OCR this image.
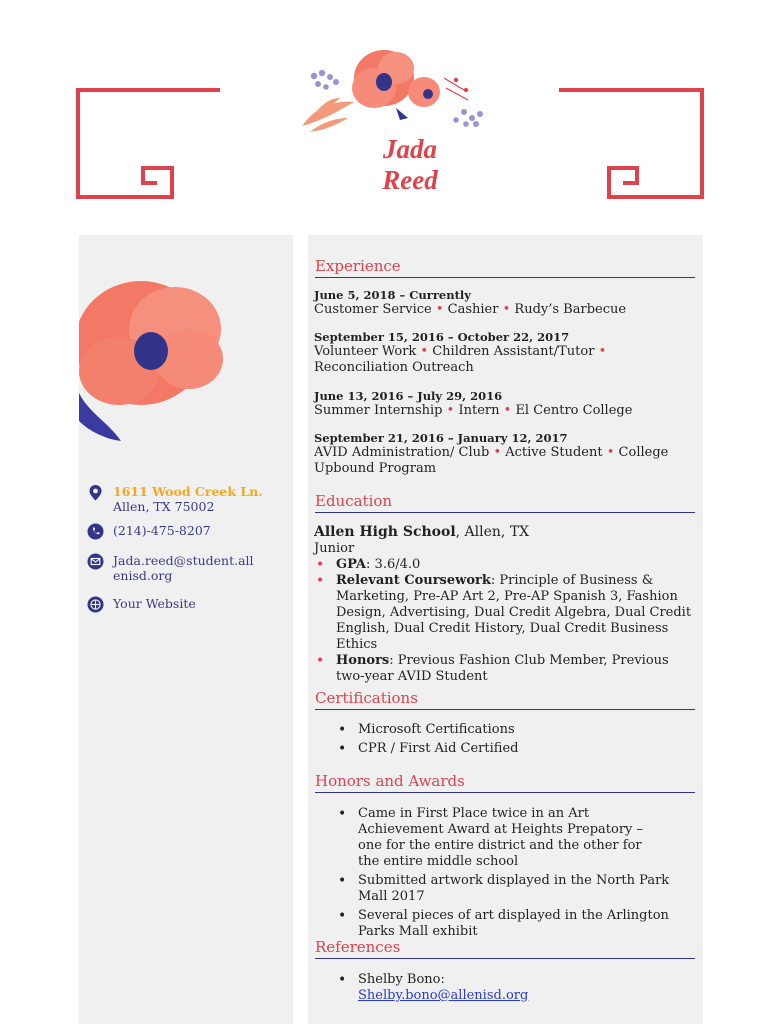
Jada
Reed
1611 Wood Creek Ln.
Allen, TX 75002
(214)-475-8207
Jada.reed@student.allenisd.org
Your Website
Experience
June 5, 2018 – Currently
Customer Service • Cashier • Rudy’s Barbecue
September 15, 2016 – October 22, 2017
Volunteer Work • Children Assistant/Tutor • Reconciliation Outreach
June 13, 2016 – July 29, 2016
Summer Internship • Intern • El Centro College
September 21, 2016 – January 12, 2017
AVID Administration/ Club • Active Student • College Upbound Program
Education
Allen High School, Allen, TX
Junior
• GPA: 3.6/4.0
• Relevant Coursework: Principle of Business & Marketing, Pre-AP Art 2, Pre-AP Spanish 3, Fashion Design, Advertising, Dual Credit Algebra, Dual Credit English, Dual Credit History, Dual Credit Business Ethics
• Honors: Previous Fashion Club Member, Previous two-year AVID Student
Certifications
• Microsoft Certifications
• CPR / First Aid Certified
Honors and Awards
• Came in First Place twice in an Art Achievement Award at Heights Prepatory – one for the entire district and the other for the entire middle school
• Submitted artwork displayed in the North Park Mall 2017
• Several pieces of art displayed in the Arlington Parks Mall exhibit
References
• Shelby Bono:
Shelby.bono@allenisd.org
